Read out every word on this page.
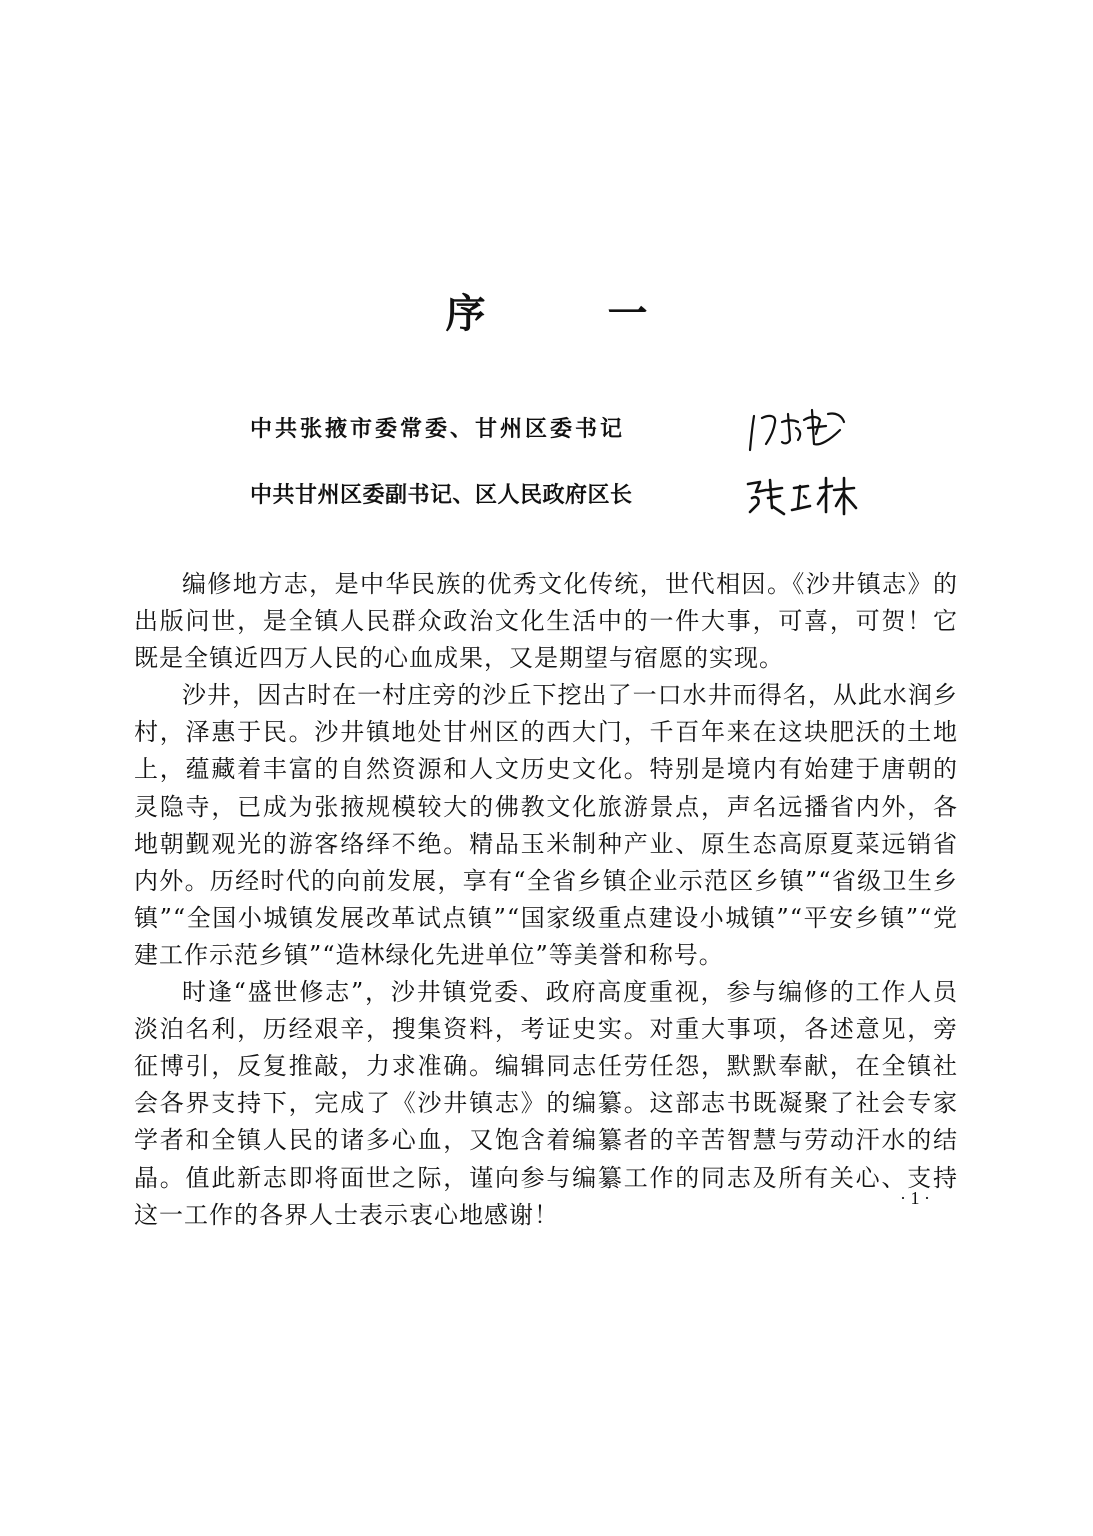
序	一
中共张掖市委常委、甘州区委书记
中共甘州区委副书记、区人民政府区长

编修地方志，是中华民族的优秀文化传统，世代相因。《沙井镇志》的出版问世，是全镇人民群众政治文化生活中的一件大事，可喜，可贺！它既是全镇近四万人民的心血成果，又是期望与宿愿的实现。

沙井，因古时在一村庄旁的沙丘下挖出了一口水井而得名，从此水润乡村，泽惠于民。沙井镇地处甘州区的西大门，千百年来在这块肥沃的土地上，蕴藏着丰富的自然资源和人文历史文化。特别是境内有始建于唐朝的灵隐寺，已成为张掖规模较大的佛教文化旅游景点，声名远播省内外，各地朝觐观光的游客络绎不绝。精品玉米制种产业、原生态高原夏菜远销省内外。历经时代的向前发展，享有“全省乡镇企业示范区乡镇”“省级卫生乡镇”“全国小城镇发展改革试点镇”“国家级重点建设小城镇”“平安乡镇”“党建工作示范乡镇”“造林绿化先进单位”等美誉和称号。

时逢“盛世修志”，沙井镇党委、政府高度重视，参与编修的工作人员淡泊名利，历经艰辛，搜集资料，考证史实。对重大事项，各述意见，旁征博引，反复推敲，力求准确。编辑同志任劳任怨，默默奉献，在全镇社会各界支持下，完成了《沙井镇志》的编纂。这部志书既凝聚了社会专家学者和全镇人民的诸多心血，又饱含着编纂者的辛苦智慧与劳动汗水的结晶。值此新志即将面世之际，谨向参与编纂工作的同志及所有关心、支持这一工作的各界人士表示衷心地感谢！

· 1 ·
